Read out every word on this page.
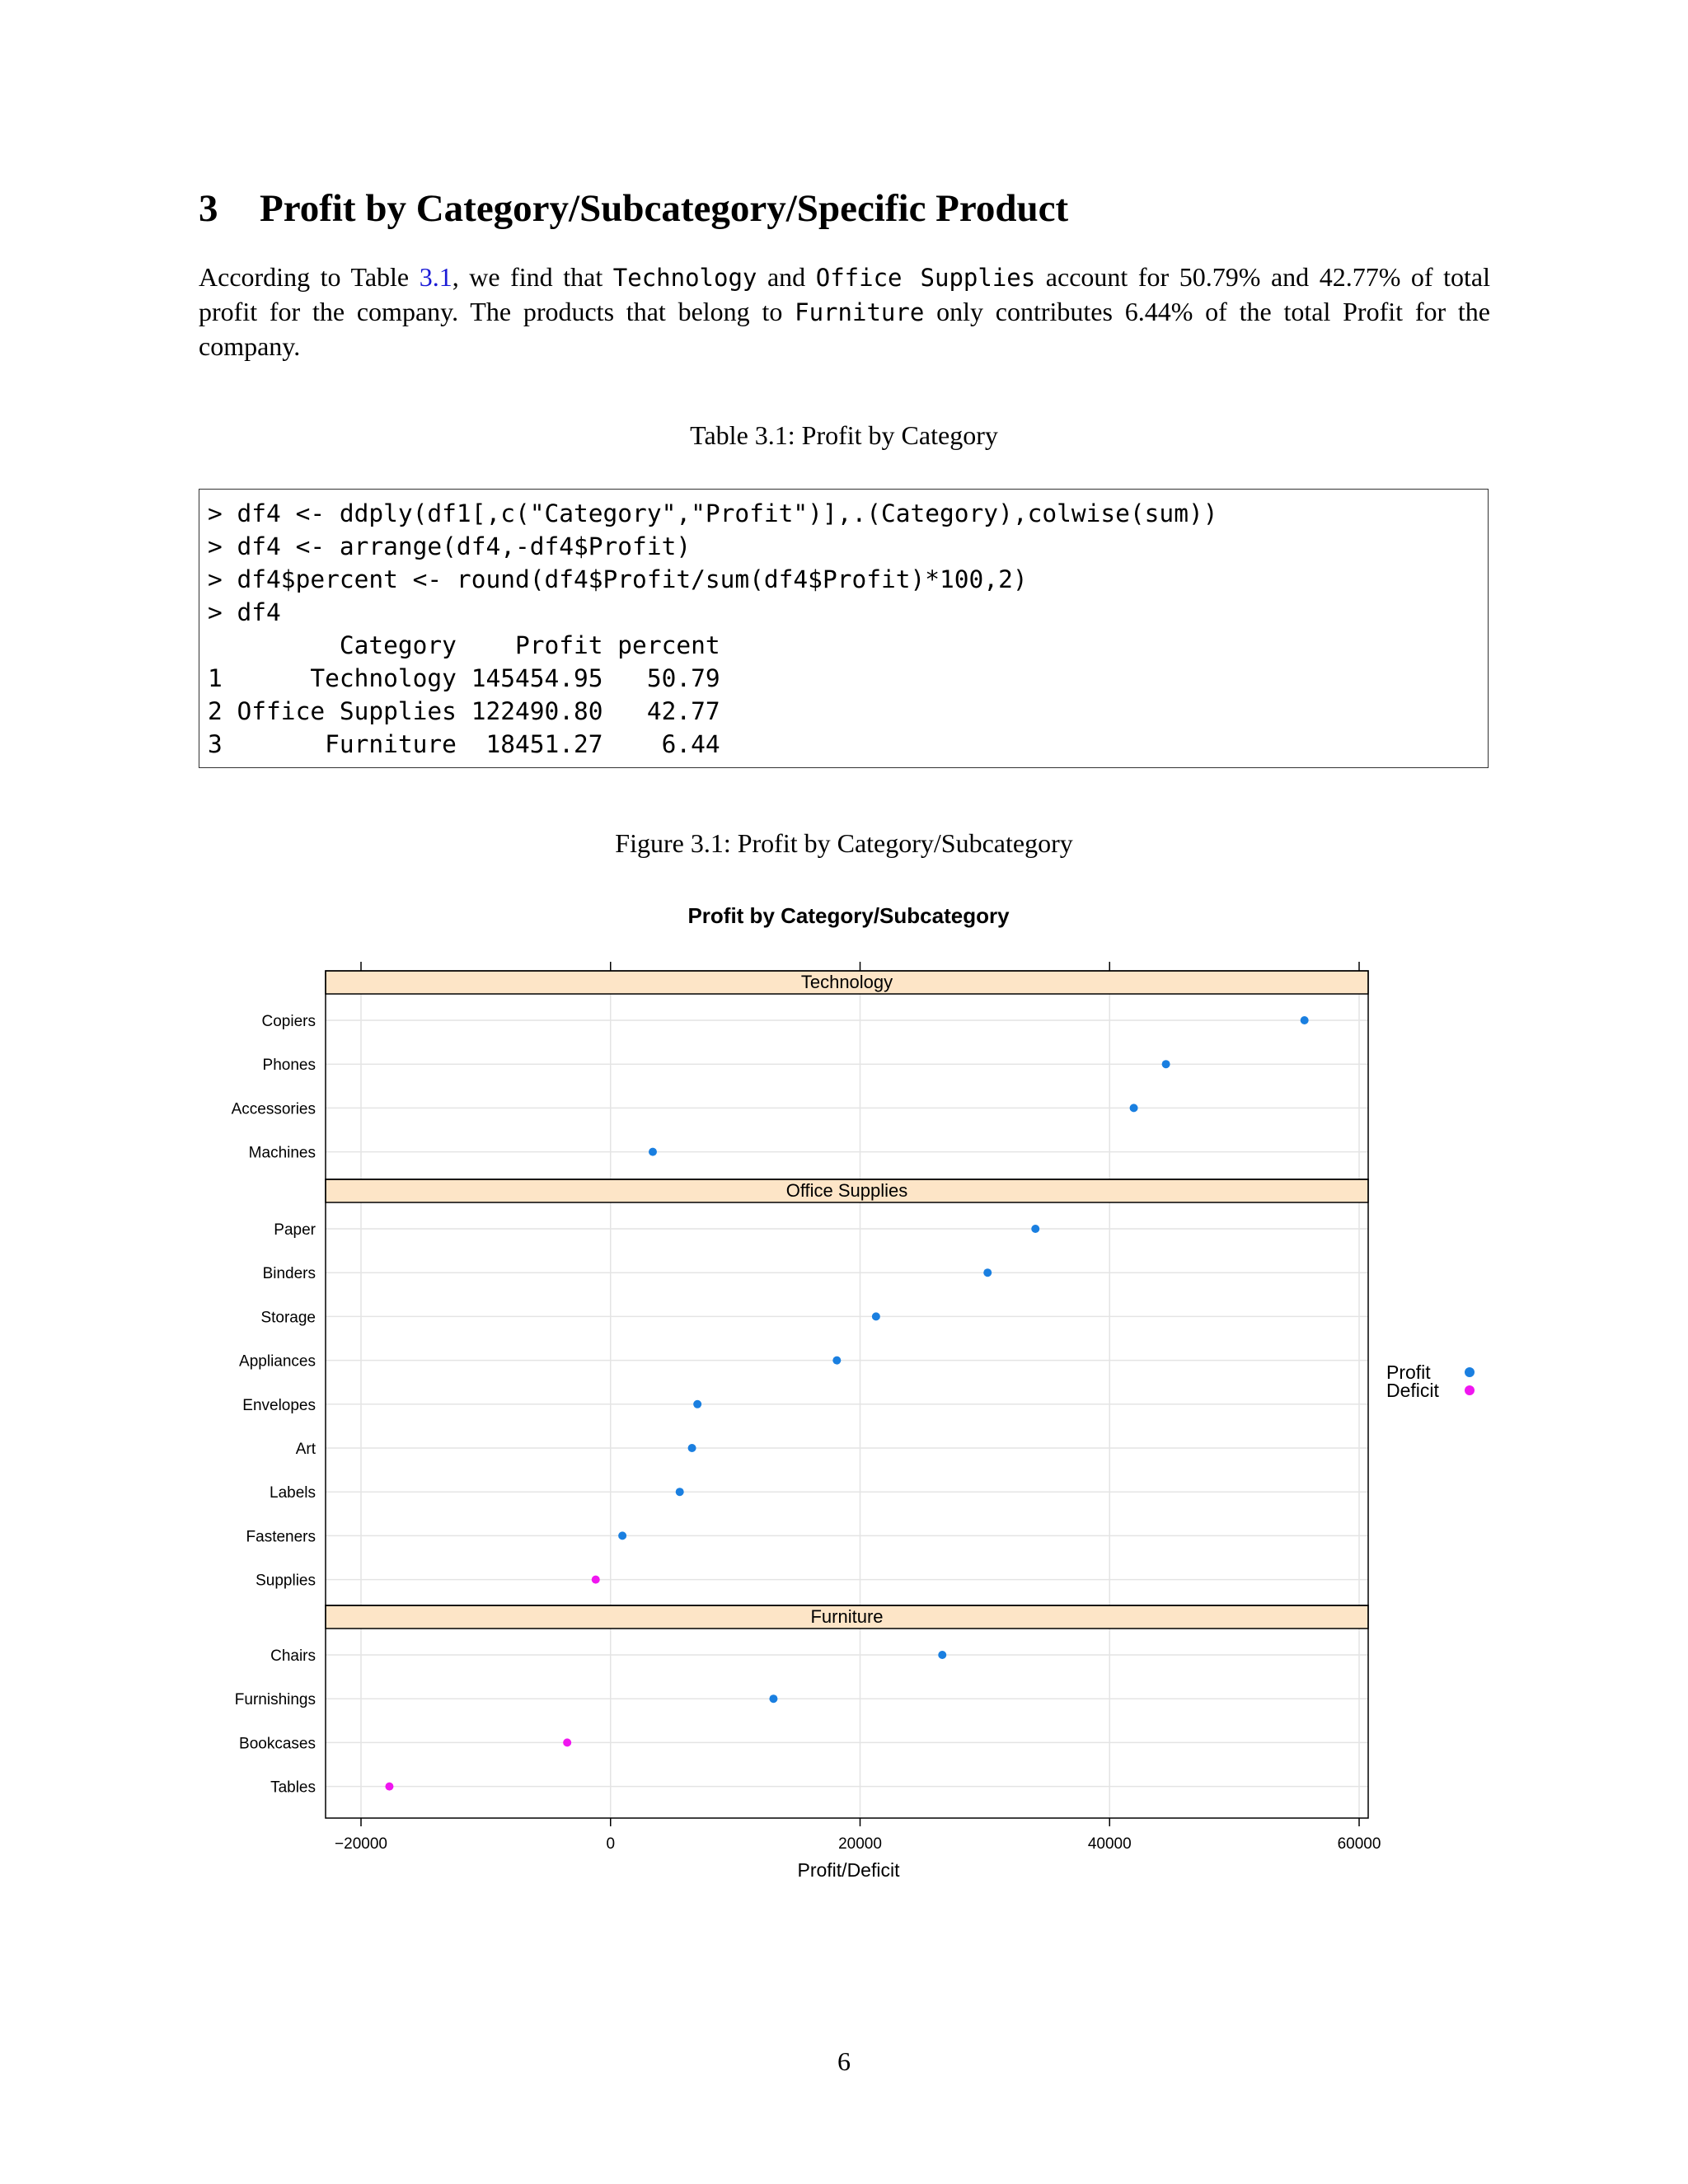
3 Profit by Category/Subcategory/Specific Product

According to Table 3.1, we find that Technology and Office Supplies account for 50.79% and 42.77% of total profit for the company. The products that belong to Furniture only contributes 6.44% of the total Profit for the company.

Table 3.1: Profit by Category

> df4 <- ddply(df1[,c("Category","Profit")],.(Category),colwise(sum))
> df4 <- arrange(df4,-df4$Profit)
> df4$percent <- round(df4$Profit/sum(df4$Profit)*100,2)
> df4
Category    Profit percent
1      Technology 145454.95   50.79
2 Office Supplies 122490.80   42.77
3       Furniture  18451.27    6.44

Figure 3.1: Profit by Category/Subcategory

Profit by Category/Subcategory
Copiers
Phones
Accessories
Machines
Technology
Paper
Binders
Storage
Appliances
Envelopes
Art
Labels
Fasteners
Supplies
Office Supplies
Chairs
Furnishings
Bookcases
Tables
Furniture
−20000	0	20000	40000	60000
Profit/Deficit
Profit
Deficit

6
